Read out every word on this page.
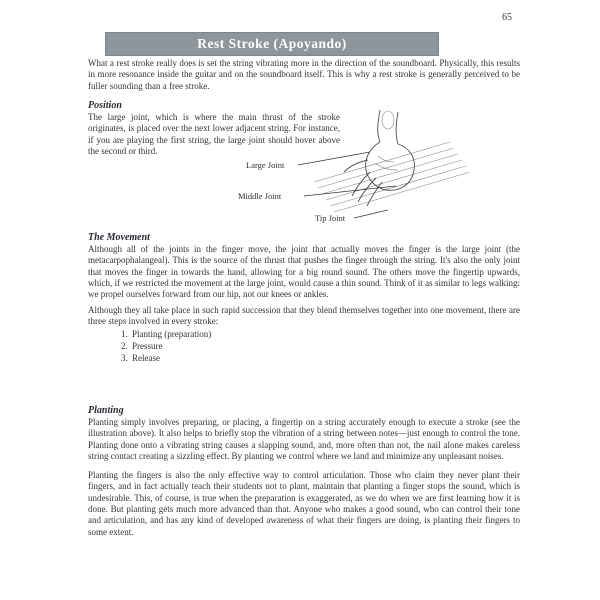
65
Rest Stroke (Apoyando)
What a rest stroke really does is set the string vibrating more in the direction of the soundboard. Physically, this results in more resonance inside the guitar and on the soundboard itself. This is why a rest stroke is generally perceived to be fuller sounding than a free stroke.
Position
The large joint, which is where the main thrust of the stroke originates, is placed over the next lower adjacent string. For instance, if you are playing the first string, the large joint should hover above the second or third.
Large Joint
Middle Joint
Tip Joint
The Movement
Although all of the joints in the finger move, the joint that actually moves the finger is the large joint (the metacarpophalangeal). This is the source of the thrust that pushes the finger through the string. It's also the only joint that moves the finger in towards the hand, allowing for a big round sound. The others move the fingertip upwards, which, if we restricted the movement at the large joint, would cause a thin sound. Think of it as similar to legs walking: we propel ourselves forward from our hip, not our knees or ankles.
Although they all take place in such rapid succession that they blend themselves together into one movement, there are three steps involved in every stroke:
1. Planting (preparation)
2. Pressure
3. Release
Planting
Planting simply involves preparing, or placing, a fingertip on a string accurately enough to execute a stroke (see the illustration above). It also helps to briefly stop the vibration of a string between notes—just enough to control the tone. Planting done onto a vibrating string causes a slapping sound, and, more often than not, the nail alone makes careless string contact creating a sizzling effect. By planting we control where we land and minimize any unpleasant noises.
Planting the fingers is also the only effective way to control articulation. Those who claim they never plant their fingers, and in fact actually teach their students not to plant, maintain that planting a finger stops the sound, which is undesirable. This, of course, is true when the preparation is exaggerated, as we do when we are first learning how it is done. But planting gets much more advanced than that. Anyone who makes a good sound, who can control their tone and articulation, and has any kind of developed awareness of what their fingers are doing, is planting their fingers to some extent.
